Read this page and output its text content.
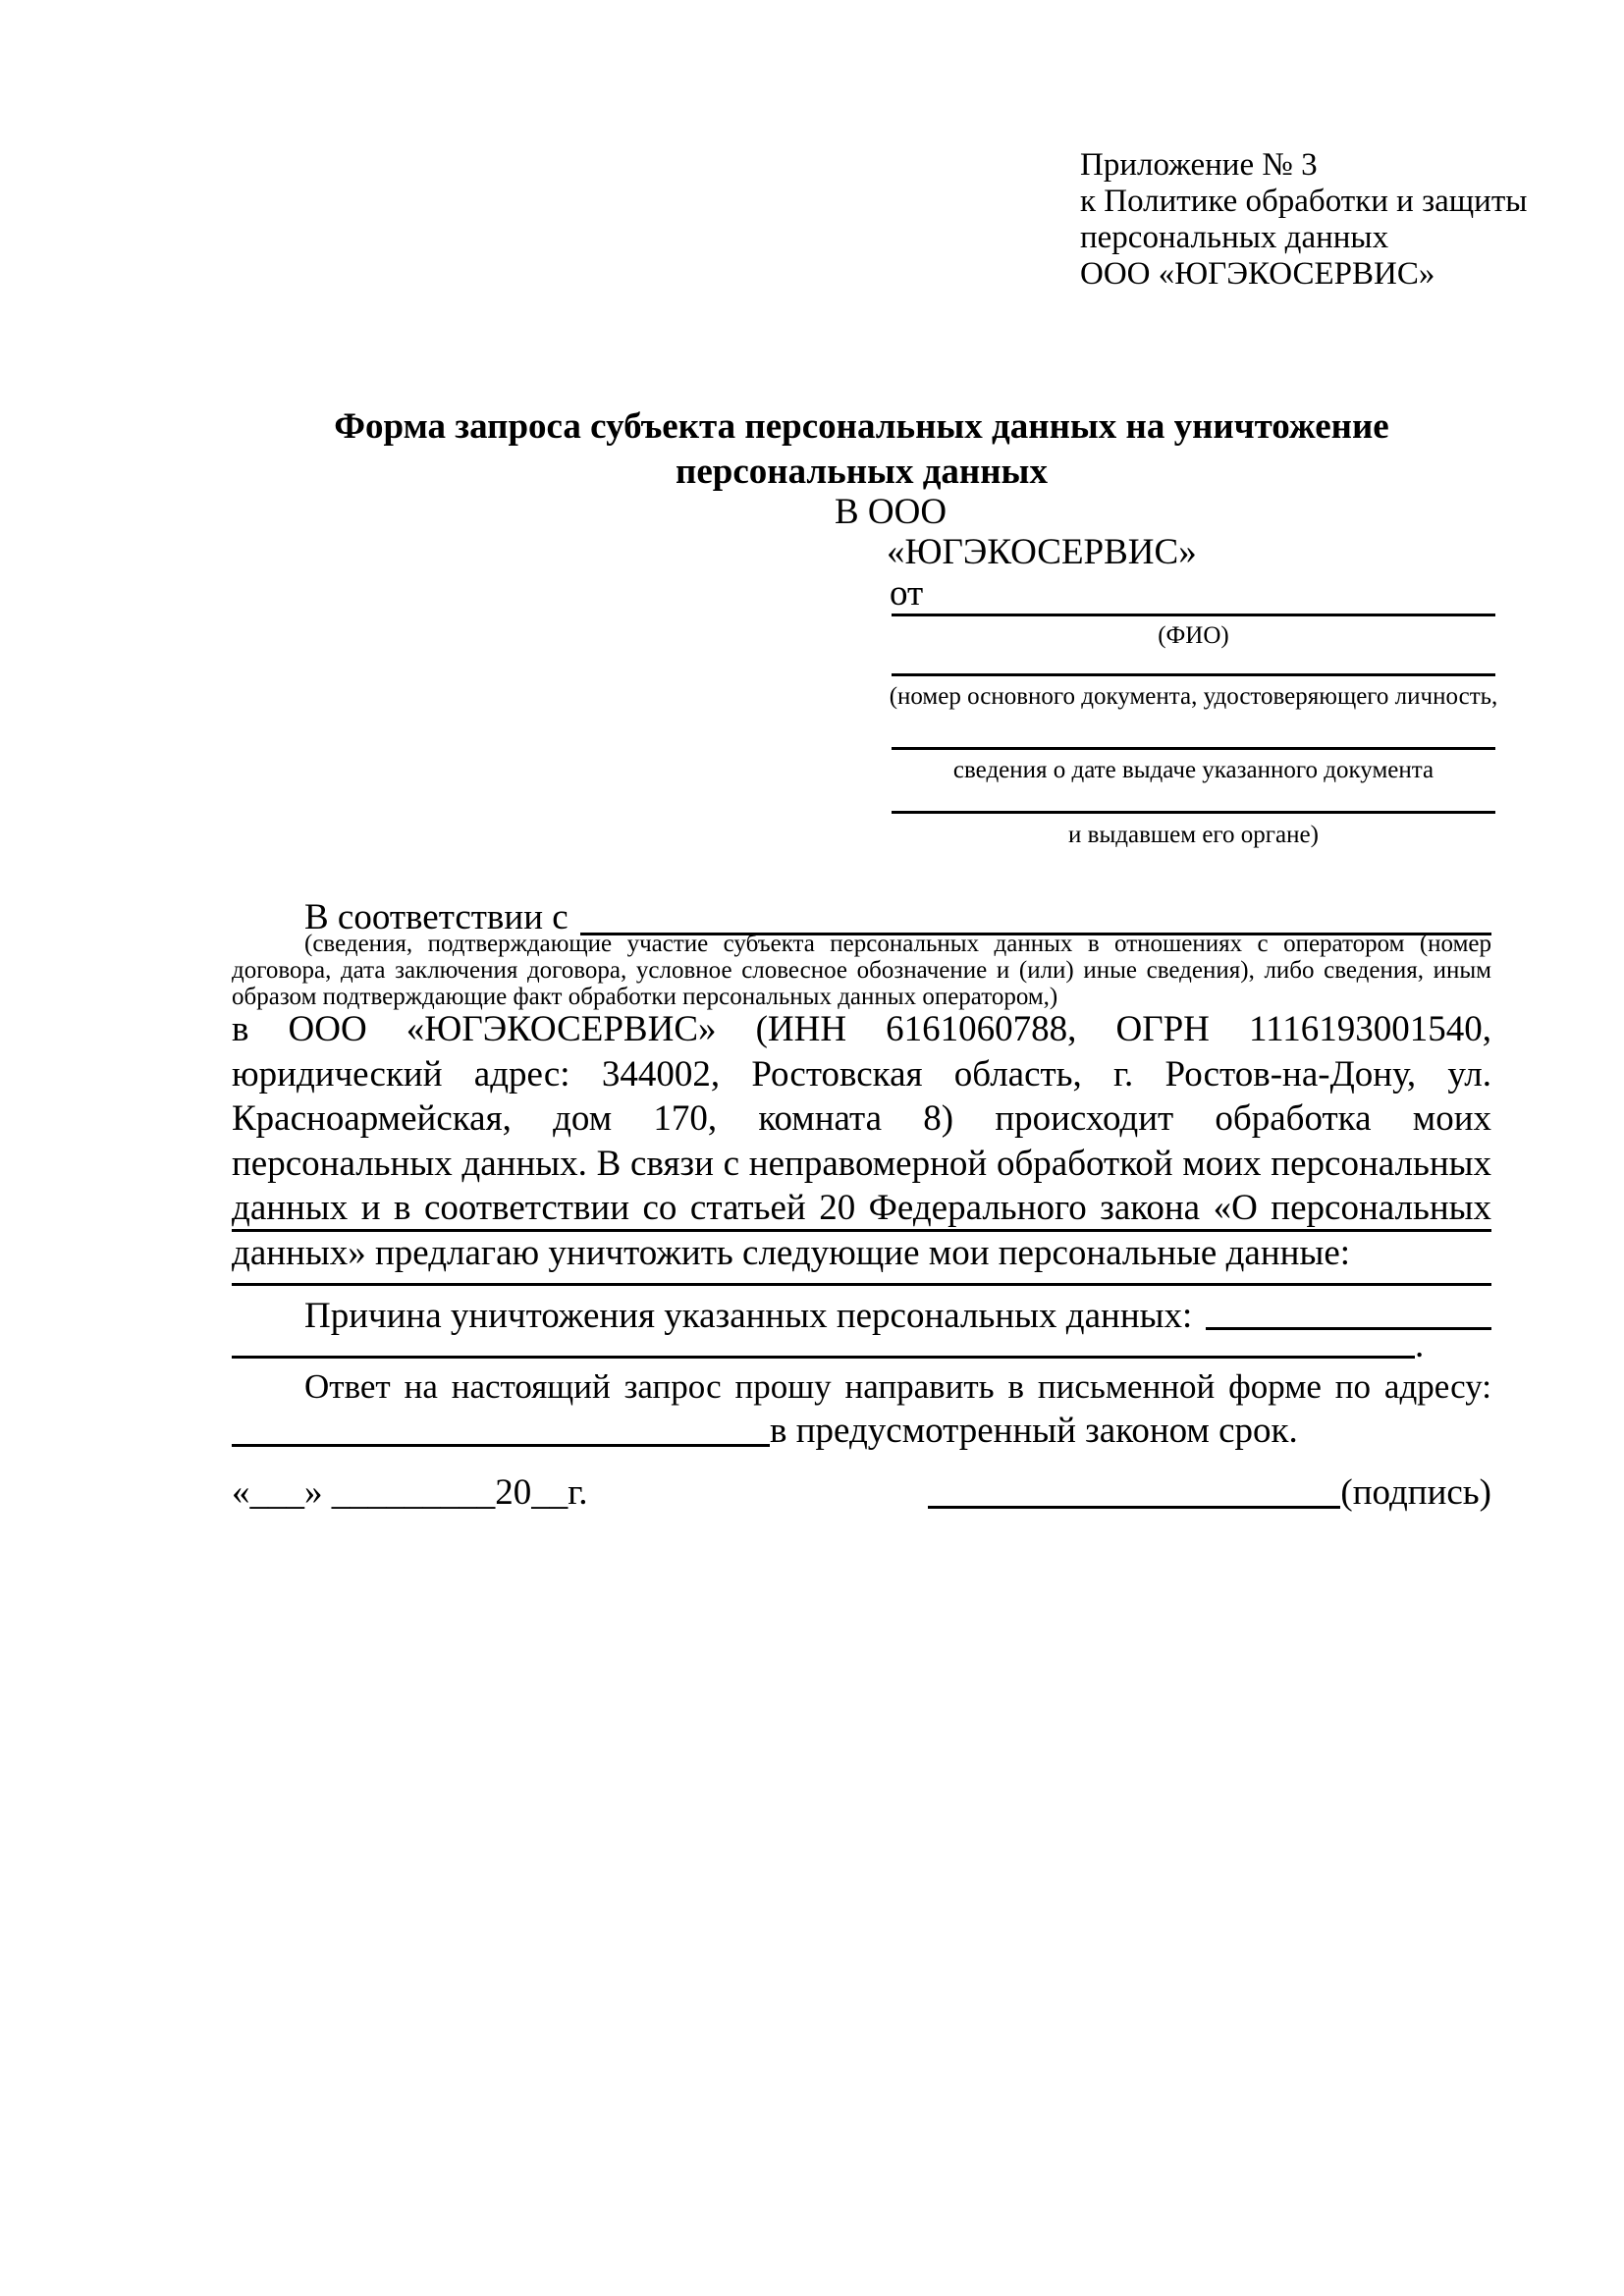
Приложение № 3
к Политике обработки и защиты
персональных данных
ООО «ЮГЭКОСЕРВИС»
Форма запроса субъекта персональных данных на уничтожение
персональных данных
В ООО
«ЮГЭКОСЕРВИС»
от
(ФИО)
(номер основного документа, удостоверяющего личность,
сведения о дате выдаче указанного документа
и выдавшем его органе)
В соответствии с
(сведения, подтверждающие участие субъекта персональных данных в отношениях с оператором (номер договора, дата заключения договора, условное словесное обозначение и (или) иные сведения), либо сведения, иным образом подтверждающие факт обработки персональных данных оператором,)
в ООО «ЮГЭКОСЕРВИС» (ИНН 6161060788, ОГРН 1116193001540, юридический адрес: 344002, Ростовская область, г. Ростов-на-Дону, ул. Красноармейская, дом 170, комната 8) происходит обработка моих персональных данных. В связи с неправомерной обработкой моих персональных данных и в соответствии со статьей 20 Федерального закона «О персональных данных» предлагаю уничтожить следующие мои персональные данные:
Причина уничтожения указанных персональных данных:
.
Ответ на настоящий запрос прошу направить в письменной форме по адресу:
в предусмотренный законом срок.
«___» _________20__г.	(подпись)
